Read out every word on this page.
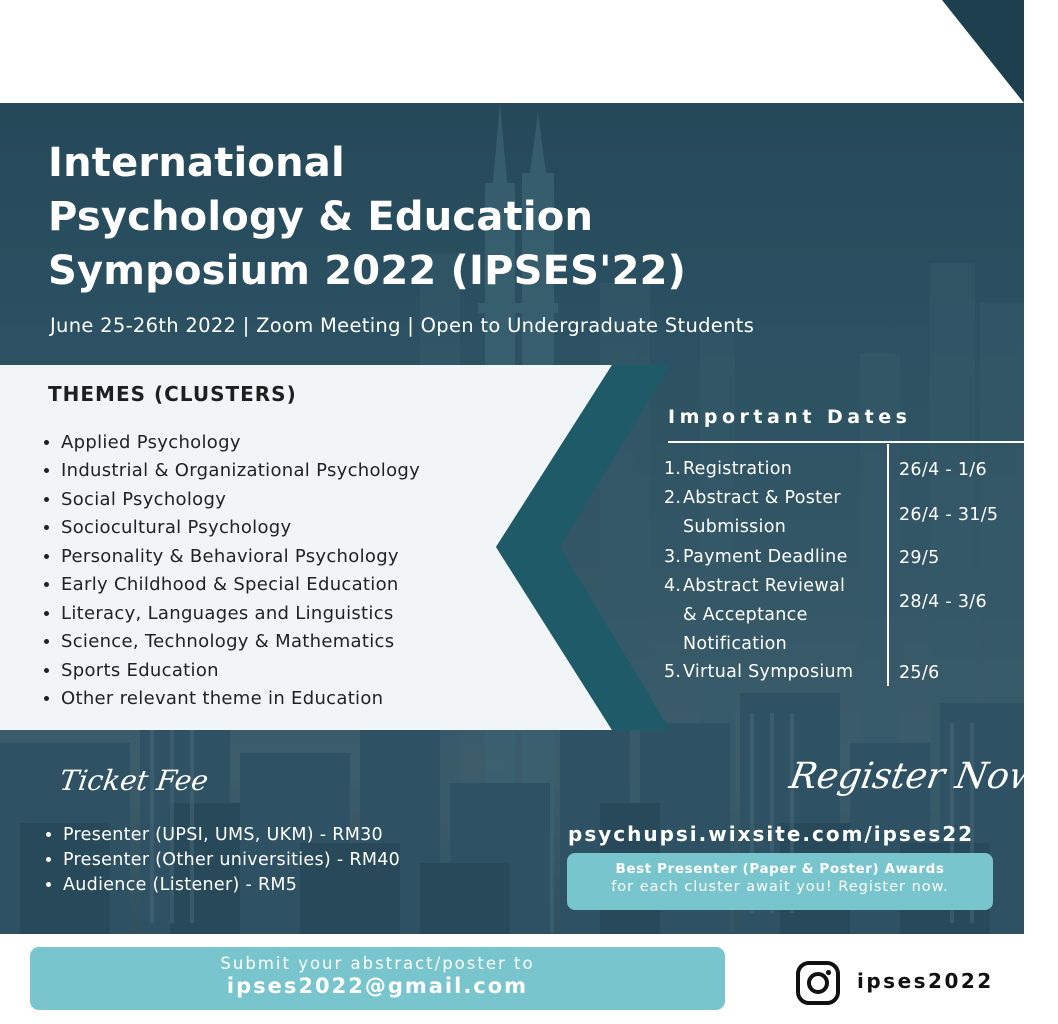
International
Psychology & Education
Symposium 2022 (IPSES'22)
June 25-26th 2022 | Zoom Meeting | Open to Undergraduate Students
THEMES (CLUSTERS)
Applied Psychology
Industrial & Organizational Psychology
Social Psychology
Sociocultural Psychology
Personality & Behavioral Psychology
Early Childhood & Special Education
Literacy, Languages and Linguistics
Science, Technology & Mathematics
Sports Education
Other relevant theme in Education
Important Dates
1.Registration	26/4 - 1/6
2.Abstract & Poster
Submission
26/4 - 31/5
3.Payment Deadline	29/5
4.Abstract Reviewal
& Acceptance
Notification
28/4 - 3/6
5.Virtual Symposium	25/6
Ticket Fee
Presenter (UPSI, UMS, UKM) - RM30
Presenter (Other universities) - RM40
Audience (Listener) - RM5
Register Now!
psychupsi.wixsite.com/ipses22
Best Presenter (Paper & Poster) Awards
for each cluster await you! Register now.
Submit your abstract/poster to
ipses2022@gmail.com	ipses2022
